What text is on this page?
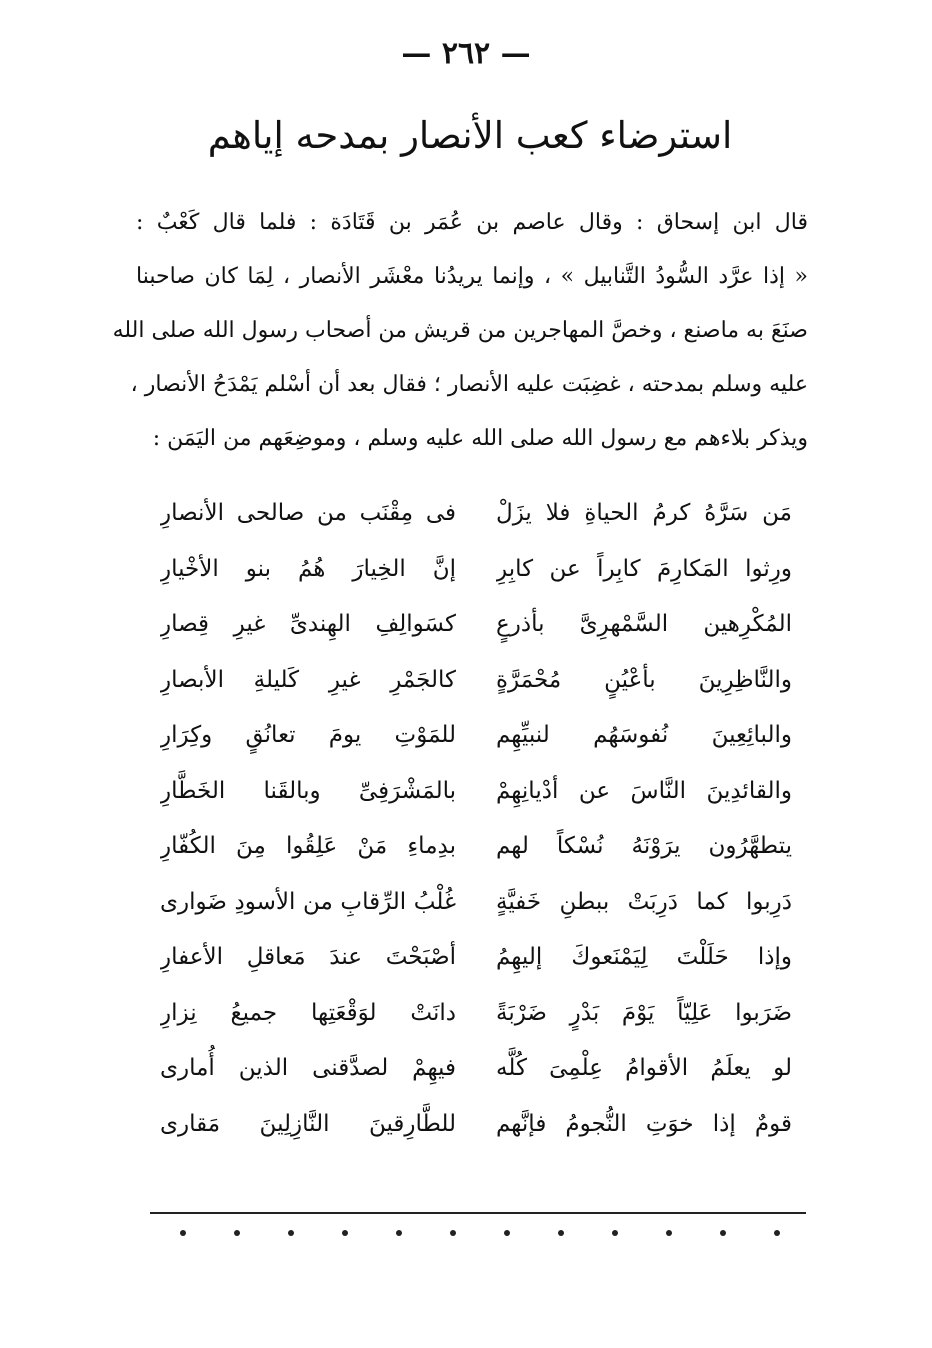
— ٢٦٢ —
استرضاء كعب الأنصار بمدحه إياهم
قال ابن إسحاق : وقال عاصم بن عُمَر بن قَتَادَة : فلما قال كَعْبٌ :
« إذا عرَّد السُّودُ التَّنابيل » ، وإنما يريدُنا معْشَر الأنصار ، لِمَا كان صاحبنا
صنَعَ به ماصنع ، وخصَّ المهاجرين من قريش من أصحاب رسول الله صلى الله
عليه وسلم بمدحته ، غضِبَت عليه الأنصار ؛ فقال بعد أن أسْلم يَمْدَحُ الأنصار ،
ويذكر بلاءهم مع رسول الله صلى الله عليه وسلم ، وموضِعَهم من اليَمَن :
مَن سَرَّهُ كرمُ الحياةِ فلا يزَلْ
فى مِقْنَب من صالحى الأنصارِ
ورِثوا المَكارِمَ كابِراً عن كابِرِ
إنَّ الخِيارَ هُمُ بنو الأخْيارِ
المُكْرِهين السَّمْهرِىَّ بأذرعٍ
كسَوالِفِ الهِندىِّ غيرِ قِصارِ
والنَّاظِرِينَ بأعْيُنٍ مُحْمَرَّةٍ
كالجَمْرِ غيرِ كَليلةِ الأبصارِ
والبائِعِينَ نُفوسَهُم لنبيِّهِم
للمَوْتِ يومَ تعانُقٍ وكِرَارِ
والقائدِينَ النَّاسَ عن أدْيانِهِمْ
بالمَشْرَفِىِّ وبالقَنا الخَطَّارِ
يتطهَّرُون يرَوْنَهُ نُسْكاً لهم
بدِماءِ مَنْ عَلِقُوا مِنَ الكُفّارِ
دَرِبوا كما دَرِبَتْ ببطنِ خَفيَّةٍ
غُلْبُ الرِّقابِ من الأسودِ ضَوارى
وإذا حَلَلْتَ لِيَمْنَعوكَ إليهِمُ
أصْبَحْتَ عندَ مَعاقلِ الأعفارِ
ضَرَبوا عَلِيّاً يَوْمَ بَدْرٍ ضَرْبَةً
دانَتْ لوَقْعَتِها جميعُ نِزارِ
لو يعلَمُ الأقوامُ عِلْمِىَ كُلَّه
فيهِمْ لصدَّقنى الذين أُمارى
قومٌ إذا خوَتِ النُّجومُ فإنَّهم
للطَّارِقينَ النَّازِلِينَ مَقارى
